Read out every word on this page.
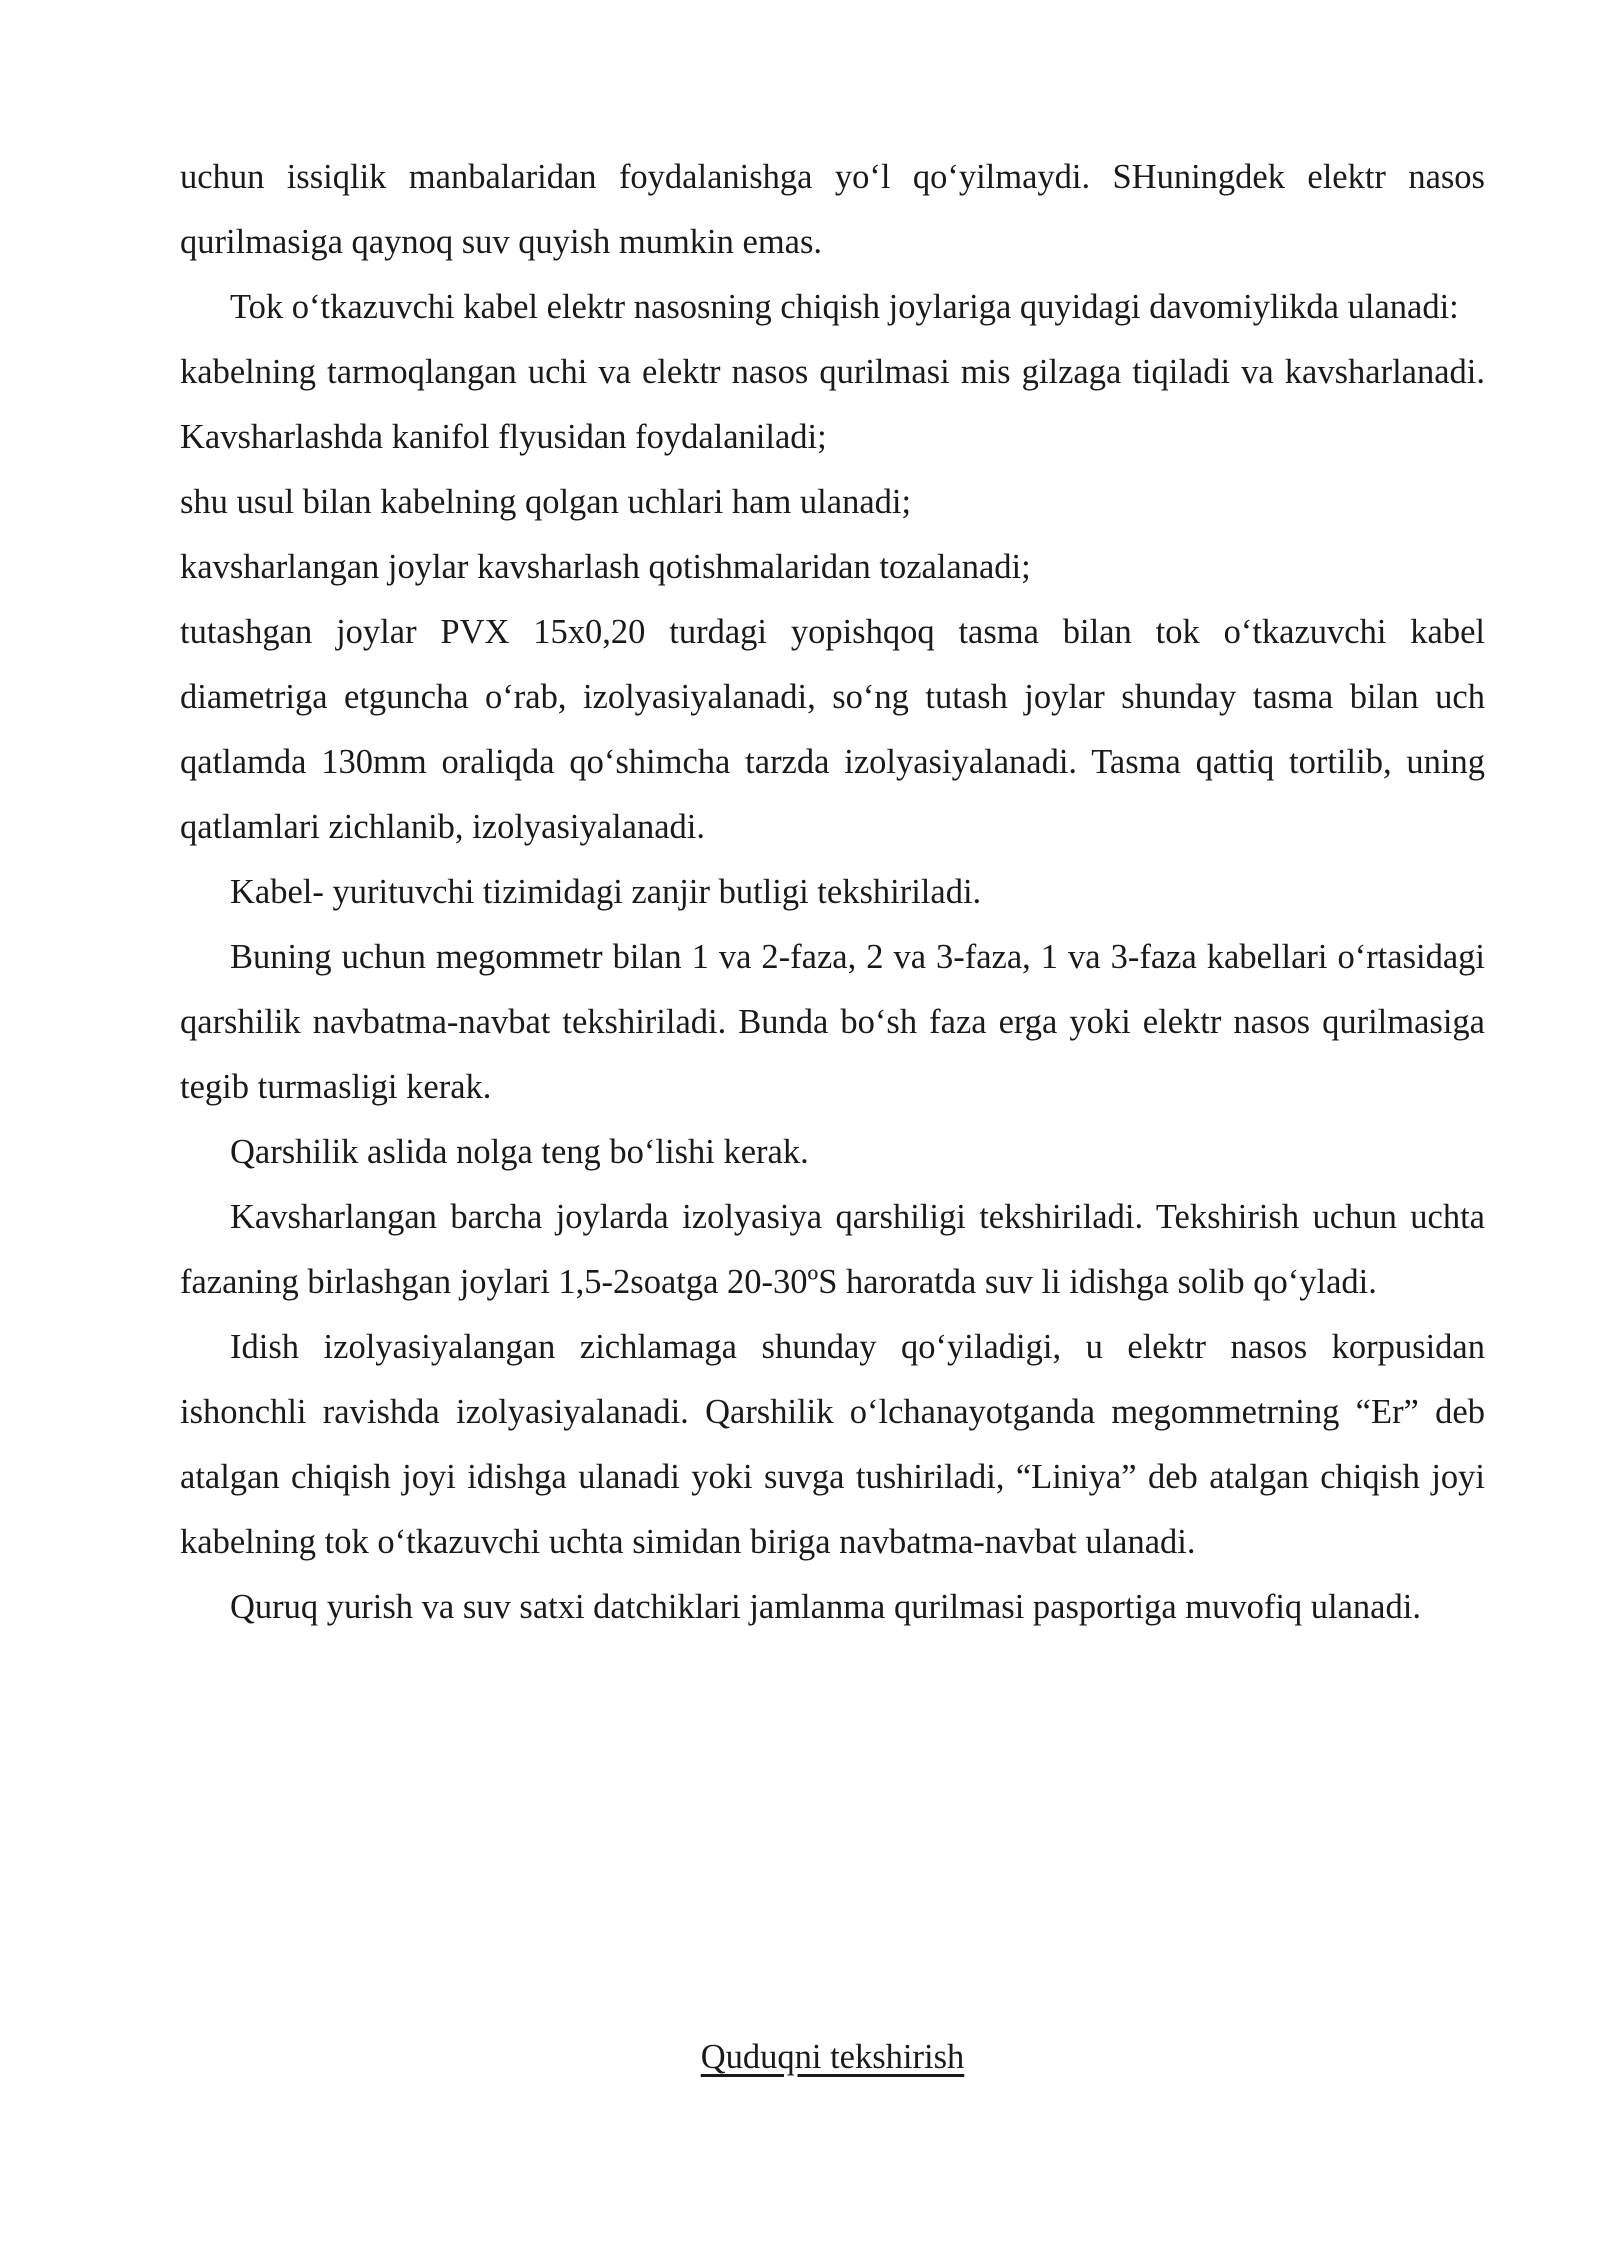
uchun issiqlik manbalaridan foydalanishga yo‘l qo‘yilmaydi. SHuningdek elektr nasos qurilmasiga qaynoq suv quyish mumkin emas.

Tok o‘tkazuvchi kabel elektr nasosning chiqish joylariga quyidagi davomiylikda ulanadi:

kabelning tarmoqlangan uchi va elektr nasos qurilmasi mis gilzaga tiqiladi va kavsharlanadi. Kavsharlashda kanifol flyusidan foydalaniladi;

shu usul bilan kabelning qolgan uchlari ham ulanadi;

kavsharlangan joylar kavsharlash qotishmalaridan tozalanadi;

tutashgan joylar PVX 15x0,20 turdagi yopishqoq tasma bilan tok o‘tkazuvchi kabel diametriga etguncha o‘rab, izolyasiyalanadi, so‘ng tutash joylar shunday tasma bilan uch qatlamda 130mm oraliqda qo‘shimcha tarzda izolyasiyalanadi. Tasma qattiq tortilib, uning qatlamlari zichlanib, izolyasiyalanadi.

Kabel- yurituvchi tizimidagi zanjir butligi tekshiriladi.

Buning uchun megommetr bilan 1 va 2-faza, 2 va 3-faza, 1 va 3-faza kabellari o‘rtasidagi qarshilik navbatma-navbat tekshiriladi. Bunda bo‘sh faza erga yoki elektr nasos qurilmasiga tegib turmasligi kerak.

Qarshilik aslida nolga teng bo‘lishi kerak.

Kavsharlangan barcha joylarda izolyasiya qarshiligi tekshiriladi. Tekshirish uchun uchta fazaning birlashgan joylari 1,5-2soatga 20-30ºS haroratda suv li idishga solib qo‘yladi.

Idish izolyasiyalangan zichlamaga shunday qo‘yiladigi, u elektr nasos korpusidan ishonchli ravishda izolyasiyalanadi. Qarshilik o‘lchanayotganda megommetrning “Er” deb atalgan chiqish joyi idishga ulanadi yoki suvga tushiriladi, “Liniya” deb atalgan chiqish joyi kabelning tok o‘tkazuvchi uchta simidan biriga navbatma-navbat ulanadi.

Quruq yurish va suv satxi datchiklari jamlanma qurilmasi pasportiga muvofiq ulanadi.

Quduqni tekshirish
